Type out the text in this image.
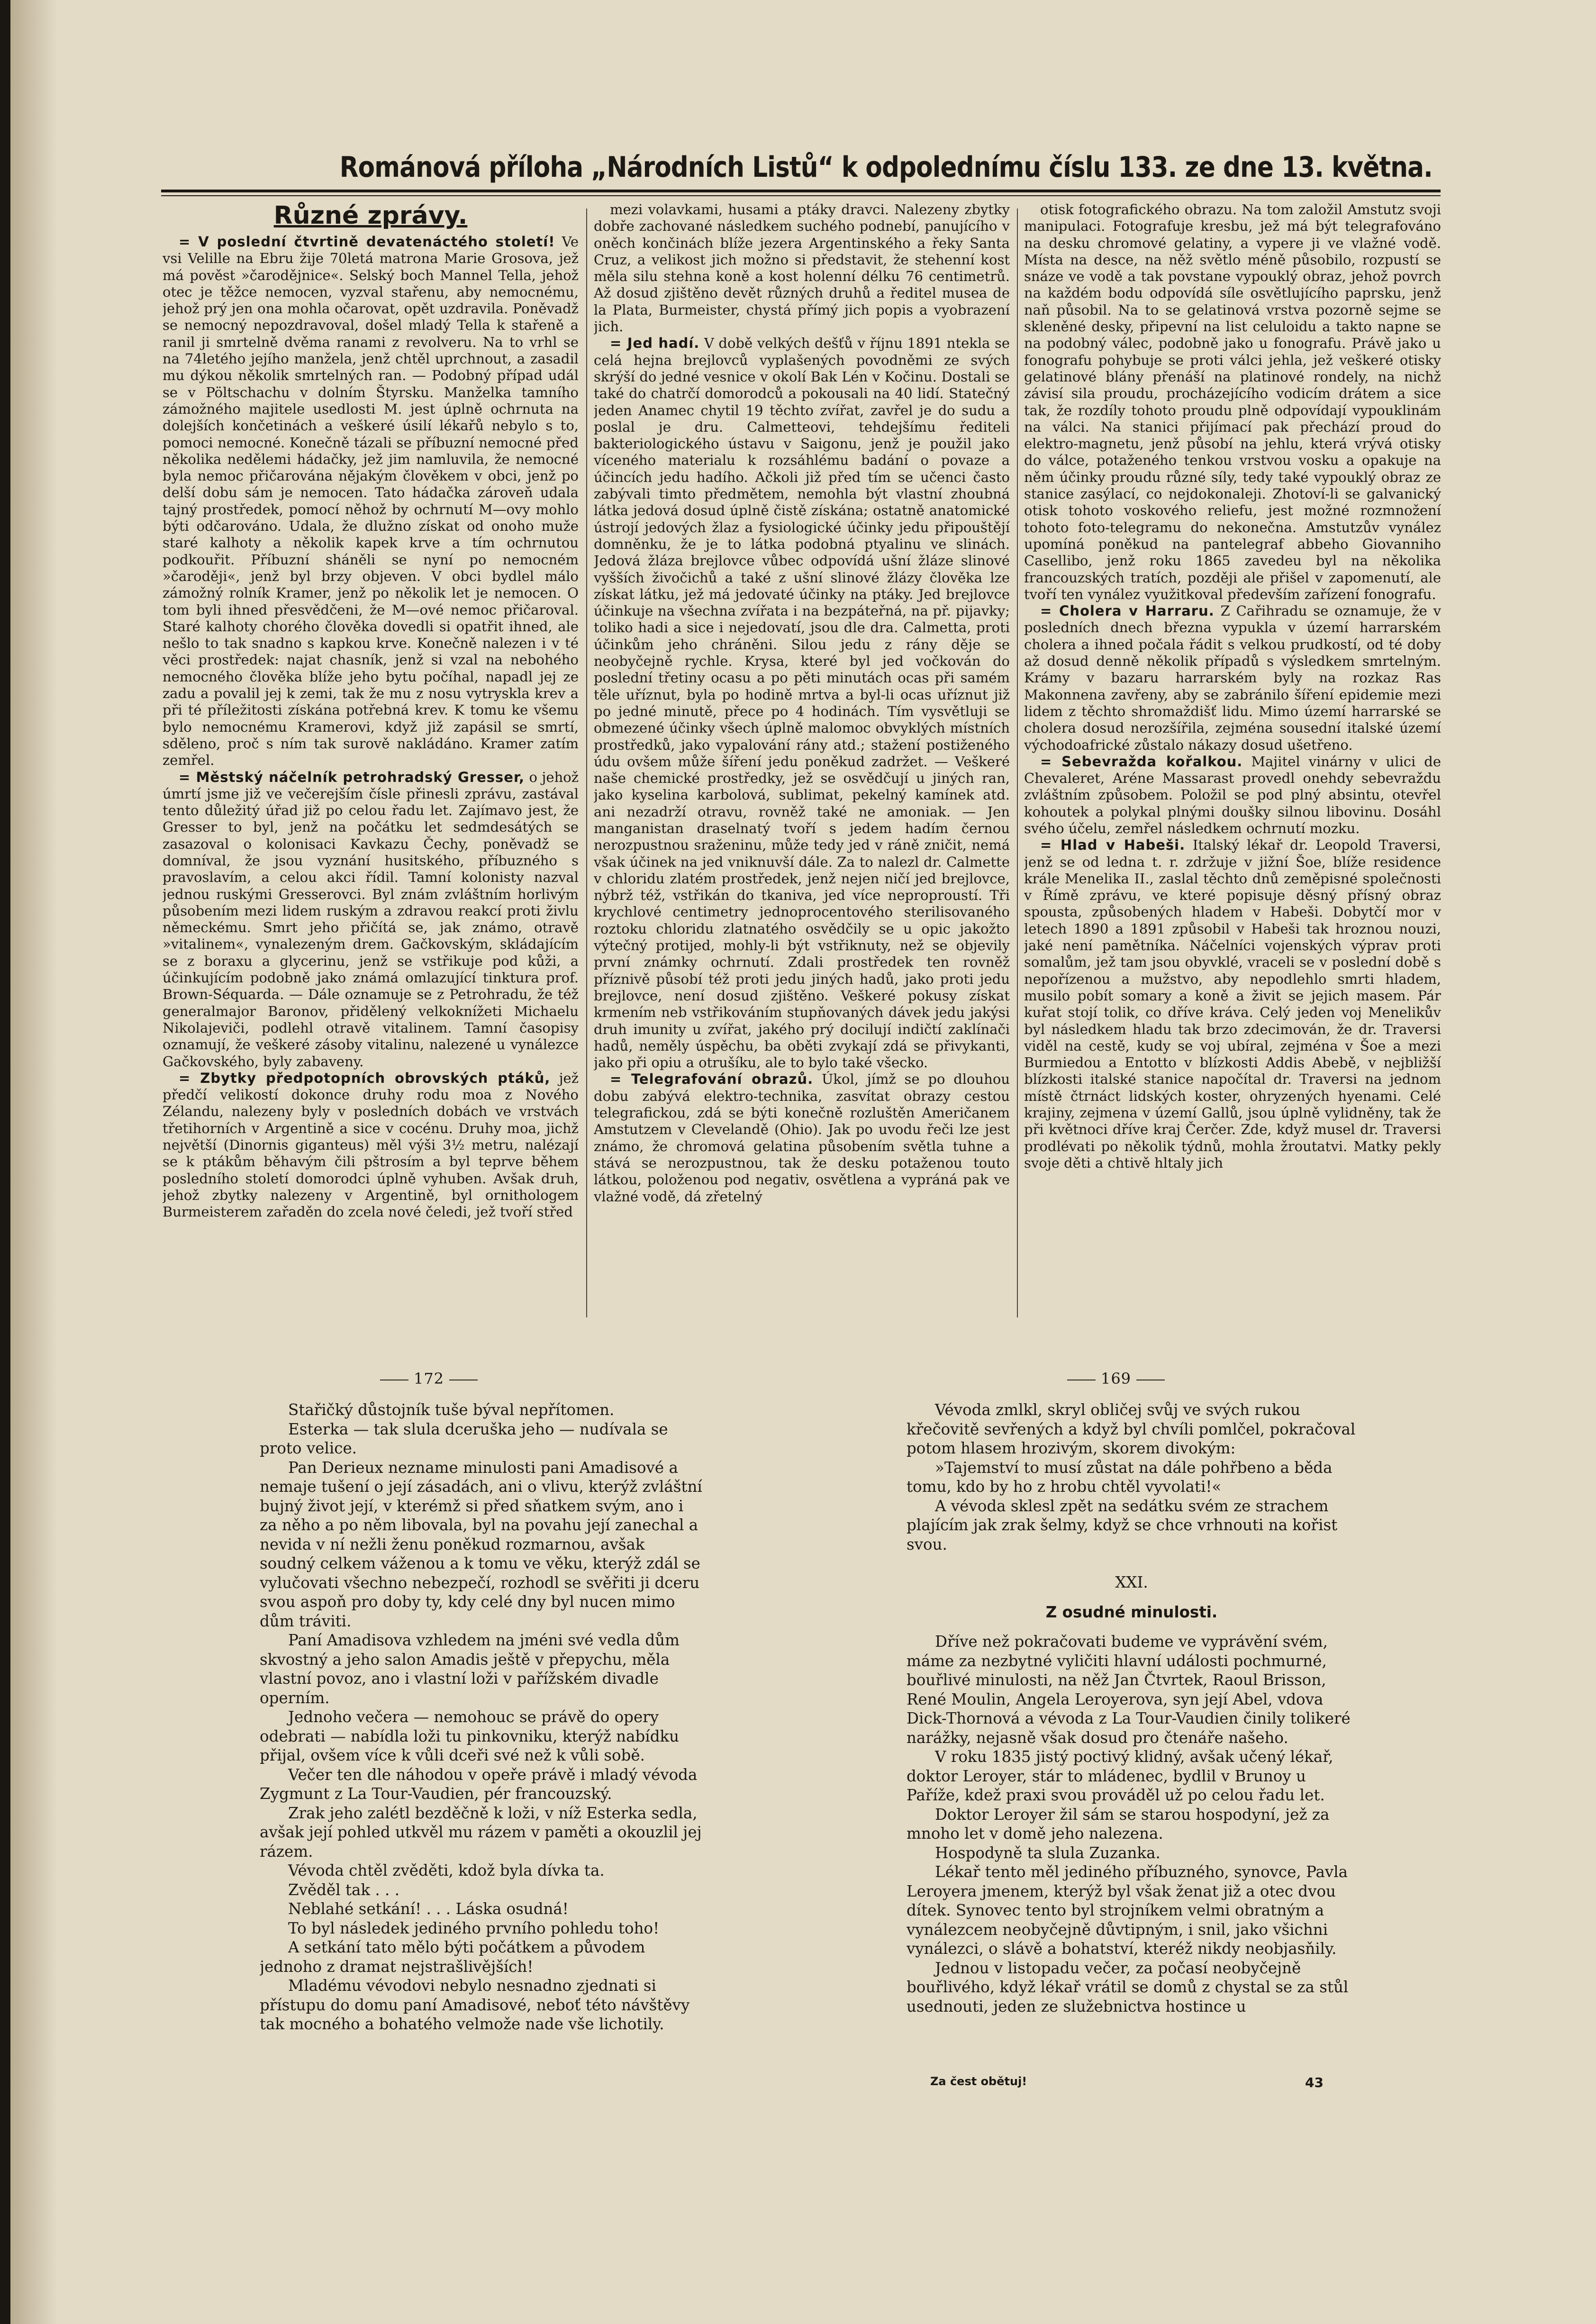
Románová příloha „Národních Listů“ k odpolednímu číslu 133. ze dne 13. května.
Různé zprávy.

= V poslední čtvrtině devatenáctého století! Ve vsi Velille na Ebru žije 70letá matrona Marie Grosova, jež má pověst »čarodějnice«. Selský boch Mannel Tella, jehož otec je těžce nemocen, vyzval stařenu, aby nemocnému, jehož prý jen ona mohla očarovat, opět uzdravila. Poněvadž se nemocný nepozdravoval, došel mladý Tella k stařeně a ranil ji smrtelně dvěma ranami z revolveru. Na to vrhl se na 74letého jejího manžela, jenž chtěl uprchnout, a zasadil mu dýkou několik smrtelných ran. — Podobný případ udál se v Pöltschachu v dolním Štyrsku. Manželka tamního zámožného majitele usedlosti M. jest úplně ochrnuta na dolejších končetinách a veškeré úsilí lékařů nebylo s to, pomoci nemocné. Konečně tázali se příbuzní nemocné před několika nedělemi hádačky, jež jim namluvila, že nemocné byla nemoc přičarována nějakým člověkem v obci, jenž po delší dobu sám je nemocen. Tato hádačka zároveň udala tajný prostředek, pomocí něhož by ochrnutí M—ovy mohlo býti odčarováno. Udala, že dlužno získat od onoho muže staré kalhoty a několik kapek krve a tím ochrnutou podkouřit. Příbuzní sháněli se nyní po nemocném »čaroději«, jenž byl brzy objeven. V obci bydlel málo zámožný rolník Kramer, jenž po několik let je nemocen. O tom byli ihned přesvědčeni, že M—ové nemoc přičaroval. Staré kalhoty chorého člověka dovedli si opatřit ihned, ale nešlo to tak snadno s kapkou krve. Konečně nalezen i v té věci prostředek: najat chasník, jenž si vzal na nebohého nemocného člověka blíže jeho bytu počíhal, napadl jej ze zadu a povalil jej k zemi, tak že mu z nosu vytryskla krev a při té příležitosti získána potřebná krev. K tomu ke všemu bylo nemocnému Kramerovi, když již zapásil se smrtí, sděleno, proč s ním tak surově nakládáno. Kramer zatím zemřel.

= Městský náčelník petrohradský Gresser, o jehož úmrtí jsme již ve večerejším čísle přinesli zprávu, zastával tento důležitý úřad již po celou řadu let. Zajímavo jest, že Gresser to byl, jenž na počátku let sedmdesátých se zasazoval o kolonisaci Kavkazu Čechy, poněvadž se domníval, že jsou vyznání husitského, příbuzného s pravoslavím, a celou akci řídil. Tamní kolonisty nazval jednou ruskými Gresserovci. Byl znám zvláštním horlivým působením mezi lidem ruským a zdravou reakcí proti živlu německému. Smrt jeho přičítá se, jak známo, otravě »vitalinem«, vynalezeným drem. Gačkovským, skládajícím se z boraxu a glycerinu, jenž se vstřikuje pod kůži, a účinkujícím podobně jako známá omlazující tinktura prof. Brown-Séquarda. — Dále oznamuje se z Petrohradu, že též generalmajor Baronov, přidělený velkoknížeti Michaelu Nikolajeviči, podlehl otravě vitalinem. Tamní časopisy oznamují, že veškeré zásoby vitalinu, nalezené u vynálezce Gačkovského, byly zabaveny.

= Zbytky předpotopních obrovských ptáků, jež předčí velikostí dokonce druhy rodu moa z Nového Zélandu, nalezeny byly v posledních dobách ve vrstvách třetihorních v Argentině a sice v cocénu. Druhy moa, jichž největší (Dinornis giganteus) měl výši 3½ metru, nalézají se k ptákům běhavým čili pštrosím a byl teprve během posledního století domorodci úplně vyhuben. Avšak druh, jehož zbytky nalezeny v Argentině, byl ornithologem Burmeisterem zařaděn do zcela nové čeledi, jež tvoří střed

mezi volavkami, husami a ptáky dravci. Nalezeny zbytky dobře zachované následkem suchého podnebí, panujícího v oněch končinách blíže jezera Argentinského a řeky Santa Cruz, a velikost jich možno si představit, že stehenní kost měla silu stehna koně a kost holenní délku 76 centimetrů. Až dosud zjištěno devět různých druhů a ředitel musea de la Plata, Burmeister, chystá přímý jich popis a vyobrazení jich.

= Jed hadí. V době velkých dešťů v říjnu 1891 ntekla se celá hejna brejlovců vyplašených povodněmi ze svých skrýší do jedné vesnice v okolí Bak Lén v Kočinu. Dostali se také do chatrčí domorodců a pokousali na 40 lidí. Statečný jeden Anamec chytil 19 těchto zvířat, zavřel je do sudu a poslal je dru. Calmetteovi, tehdejšímu řediteli bakteriologického ústavu v Saigonu, jenž je použil jako víceného materialu k rozsáhlému badání o povaze a účincích jedu hadího. Ačkoli již před tím se učenci často zabývali timto předmětem, nemohla být vlastní zhoubná látka jedová dosud úplně čistě získána; ostatně anatomické ústrojí jedových žlaz a fysiologické účinky jedu připouštějí domněnku, že je to látka podobná ptyalinu ve slinách. Jedová žláza brejlovce vůbec odpovídá ušní žláze slinové vyšších živočichů a také z ušní slinové žlázy člověka lze získat látku, jež má jedovaté účinky na ptáky. Jed brejlovce účinkuje na všechna zvířata i na bezpáteřná, na př. pijavky; toliko hadi a sice i nejedovatí, jsou dle dra. Calmetta, proti účinkům jeho chráněni. Silou jedu z rány děje se neobyčejně rychle. Krysa, které byl jed vočkován do poslední třetiny ocasu a po pěti minutách ocas při samém těle uříznut, byla po hodině mrtva a byl-li ocas uříznut již po jedné minutě, přece po 4 hodinách. Tím vysvětluji se obmezené účinky všech úplně malomoc obvyklých místních prostředků, jako vypalování rány atd.; stažení postiženého údu ovšem může šíření jedu poněkud zadržet. — Veškeré naše chemické prostředky, jež se osvědčují u jiných ran, jako kyselina karbolová, sublimat, pekelný kamínek atd. ani nezadrží otravu, rovněž také ne amoniak. — Jen manganistan draselnatý tvoří s jedem hadím černou nerozpustnou sraženinu, může tedy jed v ráně zničit, nemá však účinek na jed vniknuvší dále. Za to nalezl dr. Calmette v chloridu zlatém prostředek, jenž nejen ničí jed brejlovce, nýbrž též, vstřikán do tkaniva, jed více neproproustí. Tři krychlové centimetry jednoprocentového sterilisovaného roztoku chloridu zlatnatého osvědčily se u opic jakožto výtečný protijed, mohly-li být vstřiknuty, než se objevily první známky ochrnutí. Zdali prostředek ten rovněž příznivě působí též proti jedu jiných hadů, jako proti jedu brejlovce, není dosud zjištěno. Veškeré pokusy získat krmením neb vstřikováním stupňovaných dávek jedu jakýsi druh imunity u zvířat, jakého prý docilují indičtí zaklínači hadů, neměly úspěchu, ba oběti zvykají zdá se přivykanti, jako při opiu a otrušíku, ale to bylo také všecko.

= Telegrafování obrazů. Úkol, jímž se po dlouhou dobu zabývá elektro-technika, zasvítat obrazy cestou telegrafickou, zdá se býti konečně rozluštěn Američanem Amstutzem v Clevelandě (Ohio). Jak po uvodu řeči lze jest známo, že chromová gelatina působením světla tuhne a stává se nerozpustnou, tak že desku potaženou touto látkou, položenou pod negativ, osvětlena a vypráná pak ve vlažné vodě, dá zřetelný

otisk fotografického obrazu. Na tom založil Amstutz svoji manipulaci. Fotografuje kresbu, jež má být telegrafováno na desku chromové gelatiny, a vypere ji ve vlažné vodě. Místa na desce, na něž světlo méně působilo, rozpustí se snáze ve vodě a tak povstane vypouklý obraz, jehož povrch na každém bodu odpovídá síle osvětlujícího paprsku, jenž naň působil. Na to se gelatinová vrstva pozorně sejme se skleněné desky, připevní na list celuloidu a takto napne se na podobný válec, podobně jako u fonografu. Právě jako u fonografu pohybuje se proti válci jehla, jež veškeré otisky gelatinové blány přenáší na platinové rondely, na nichž závisí sila proudu, procházejícího vodicím drátem a sice tak, že rozdíly tohoto proudu plně odpovídají vypouklinám na válci. Na stanici přijímací pak přechází proud do elektro-magnetu, jenž působí na jehlu, která vrývá otisky do válce, potaženého tenkou vrstvou vosku a opakuje na něm účinky proudu různé síly, tedy také vypouklý obraz ze stanice zasýlací, co nejdokonaleji. Zhotoví-li se galvanický otisk tohoto voskového reliefu, jest možné rozmnožení tohoto foto-telegramu do nekonečna. Amstutzův vynález upomíná poněkud na pantelegraf abbeho Giovanniho Casellibo, jenž roku 1865 zavedeu byl na několika francouzských tratích, později ale přišel v zapomenutí, ale tvoří ten vynález využitkoval především zařízení fonografu.

= Cholera v Harraru. Z Cařihradu se oznamuje, že v posledních dnech března vypukla v území harrarském cholera a ihned počala řádit s velkou prudkostí, od té doby až dosud denně několik případů s výsledkem smrtelným. Krámy v bazaru harrarském byly na rozkaz Ras Makonnena zavřeny, aby se zabránilo šíření epidemie mezi lidem z těchto shromaždišť lidu. Mimo území harrarské se cholera dosud nerozšířila, zejména sousední italské území východoafrické zůstalo nákazy dosud ušetřeno.

= Sebevražda kořalkou. Majitel vinárny v ulici de Chevaleret, Aréne Massarast provedl onehdy sebevraždu zvláštním způsobem. Položil se pod plný absintu, otevřel kohoutek a polykal plnými doušky silnou libovinu. Dosáhl svého účelu, zemřel následkem ochrnutí mozku.

= Hlad v Habeši. Italský lékař dr. Leopold Traversi, jenž se od ledna t. r. zdržuje v jižní Šoe, blíže residence krále Menelika II., zaslal těchto dnů zeměpisné společnosti v Římě zprávu, ve které popisuje děsný přísný obraz spousta, způsobených hladem v Habeši. Dobytčí mor v letech 1890 a 1891 způsobil v Habeši tak hroznou nouzi, jaké není pamětníka. Náčelníci vojenských výprav proti somalům, jež tam jsou obyvklé, vraceli se v poslední době s nepořízenou a mužstvo, aby nepodlehlo smrti hladem, musilo pobít somary a koně a živit se jejich masem. Pár kuřat stojí tolik, co dříve kráva. Celý jeden voj Menelikův byl následkem hladu tak brzo zdecimován, že dr. Traversi viděl na cestě, kudy se voj ubíral, zejména v Šoe a mezi Burmiedou a Entotto v blízkosti Addis Abebě, v nejbližší blízkosti italské stanice napočítal dr. Traversi na jednom místě čtrnáct lidských koster, ohryzených hyenami. Celé krajiny, zejmena v území Gallů, jsou úplně vylidněny, tak že při květnoci dříve kraj Čerčer. Zde, když musel dr. Traversi prodlévati po několik týdnů, mohla žroutatvi. Matky pekly svoje děti a chtivě hltaly jich

172	169

Stařičký důstojník tuše býval nepřítomen.

Esterka — tak slula dceruška jeho — nudívala se proto velice.

Pan Derieux nezname minulosti pani Amadisové a nemaje tušení o její zásadách, ani o vlivu, kterýž zvláštní bujný život její, v kterémž si před sňatkem svým, ano i za něho a po něm libovala, byl na povahu její zanechal a nevida v ní nežli ženu poněkud rozmarnou, avšak soudný celkem váženou a k tomu ve věku, kterýž zdál se vylučovati všechno nebezpečí, rozhodl se svěřiti ji dceru svou aspoň pro doby ty, kdy celé dny byl nucen mimo dům tráviti.

Paní Amadisova vzhledem na jméni své vedla dům skvostný a jeho salon Amadis ještě v přepychu, měla vlastní povoz, ano i vlastní loži v pařížském divadle operním.

Jednoho večera — nemohouc se právě do opery odebrati — nabídla loži tu pinkovniku, kterýž nabídku přijal, ovšem více k vůli dceři své než k vůli sobě.

Večer ten dle náhodou v opeře právě i mladý vévoda Zygmunt z La Tour-Vaudien, pér francouzský.

Zrak jeho zalétl bezděčně k loži, v níž Esterka sedla, avšak její pohled utkvěl mu rázem v paměti a okouzlil jej rázem.

Vévoda chtěl zvěděti, kdož byla dívka ta.

Zvěděl tak . . .

Neblahé setkání! . . . Láska osudná!

To byl následek jediného prvního pohledu toho!

A setkání tato mělo býti počátkem a původem jednoho z dramat nejstrašlivějších!

Mladému vévodovi nebylo nesnadno zjednati si přístupu do domu paní Amadisové, neboť této návštěvy tak mocného a bohatého velmože nade vše lichotily.

Vévoda zmlkl, skryl obličej svůj ve svých rukou křečovitě sevřených a když byl chvíli pomlčel, pokračoval potom hlasem hrozivým, skorem divokým:

»Tajemství to musí zůstat na dále pohřbeno a běda tomu, kdo by ho z hrobu chtěl vyvolati!«

A vévoda sklesl zpět na sedátku svém ze strachem plajícím jak zrak šelmy, když se chce vrhnouti na kořist svou.

XXI.

Z osudné minulosti.

Dříve než pokračovati budeme ve vyprávění svém, máme za nezbytné vyličiti hlavní události pochmurné, bouřlivé minulosti, na něž Jan Čtvrtek, Raoul Brisson, René Moulin, Angela Leroyerova, syn její Abel, vdova Dick-Thornová a vévoda z La Tour-Vaudien činily tolikeré narážky, nejasně však dosud pro čtenáře našeho.

V roku 1835 jistý poctivý klidný, avšak učený lékař, doktor Leroyer, stár to mládenec, bydlil v Brunoy u Paříže, kdež praxi svou prováděl už po celou řadu let.

Doktor Leroyer žil sám se starou hospodyní, jež za mnoho let v domě jeho nalezena.

Hospodyně ta slula Zuzanka.

Lékař tento měl jediného příbuzného, synovce, Pavla Leroyera jmenem, kterýž byl však ženat již a otec dvou dítek. Synovec tento byl strojníkem velmi obratným a vynálezcem neobyčejně důvtipným, i snil, jako všichni vynálezci, o slávě a bohatství, kteréž nikdy neobjasňily.

Jednou v listopadu večer, za počasí neobyčejně bouřlivého, když lékař vrátil se domů z chystal se za stůl usednouti, jeden ze služebnictva hostince u

Za čest obětuj!	43
